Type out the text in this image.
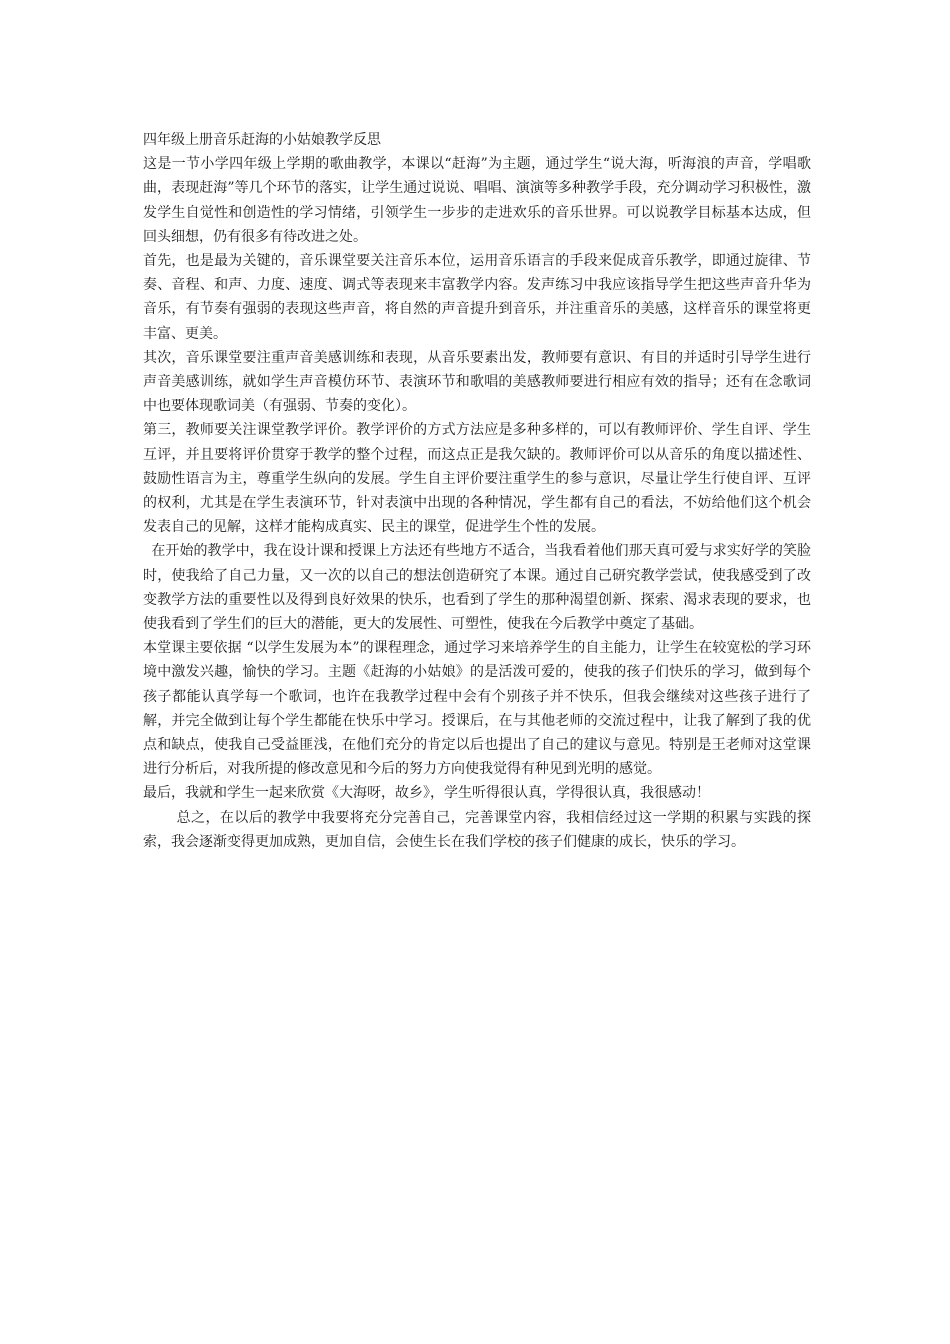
四年级上册音乐赶海的小姑娘教学反思

这是一节小学四年级上学期的歌曲教学，本课以“赶海”为主题，通过学生“说大海，听海浪的声音，学唱歌曲，表现赶海”等几个环节的落实，让学生通过说说、唱唱、演演等多种教学手段，充分调动学习积极性，激发学生自觉性和创造性的学习情绪，引领学生一步步的走进欢乐的音乐世界。可以说教学目标基本达成，但回头细想，仍有很多有待改进之处。

首先，也是最为关键的，音乐课堂要关注音乐本位，运用音乐语言的手段来促成音乐教学，即通过旋律、节奏、音程、和声、力度、速度、调式等表现来丰富教学内容。发声练习中我应该指导学生把这些声音升华为音乐，有节奏有强弱的表现这些声音，将自然的声音提升到音乐，并注重音乐的美感，这样音乐的课堂将更丰富、更美。

其次，音乐课堂要注重声音美感训练和表现，从音乐要素出发，教师要有意识、有目的并适时引导学生进行声音美感训练，就如学生声音模仿环节、表演环节和歌唱的美感教师要进行相应有效的指导；还有在念歌词中也要体现歌词美（有强弱、节奏的变化）。

第三，教师要关注课堂教学评价。教学评价的方式方法应是多种多样的，可以有教师评价、学生自评、学生互评，并且要将评价贯穿于教学的整个过程，而这点正是我欠缺的。教师评价可以从音乐的角度以描述性、鼓励性语言为主，尊重学生纵向的发展。学生自主评价要注重学生的参与意识，尽量让学生行使自评、互评的权利，尤其是在学生表演环节，针对表演中出现的各种情况，学生都有自己的看法，不妨给他们这个机会发表自己的见解，这样才能构成真实、民主的课堂，促进学生个性的发展。

在开始的教学中，我在设计课和授课上方法还有些地方不适合，当我看着他们那天真可爱与求实好学的笑脸时，使我给了自己力量，又一次的以自己的想法创造研究了本课。通过自己研究教学尝试，使我感受到了改变教学方法的重要性以及得到良好效果的快乐，也看到了学生的那种渴望创新、探索、渴求表现的要求，也使我看到了学生们的巨大的潜能，更大的发展性、可塑性，使我在今后教学中奠定了基础。

本堂课主要依据 “以学生发展为本”的课程理念，通过学习来培养学生的自主能力，让学生在较宽松的学习环境中激发兴趣，愉快的学习。主题《赶海的小姑娘》的是活泼可爱的，使我的孩子们快乐的学习，做到每个孩子都能认真学每一个歌词，也许在我教学过程中会有个别孩子并不快乐，但我会继续对这些孩子进行了解，并完全做到让每个学生都能在快乐中学习。授课后，在与其他老师的交流过程中，让我了解到了我的优点和缺点，使我自己受益匪浅，在他们充分的肯定以后也提出了自己的建议与意见。特别是王老师对这堂课进行分析后，对我所提的修改意见和今后的努力方向使我觉得有种见到光明的感觉。

最后，我就和学生一起来欣赏《大海呀，故乡》，学生听得很认真，学得很认真，我很感动！

总之，在以后的教学中我要将充分完善自己，完善课堂内容，我相信经过这一学期的积累与实践的探索，我会逐渐变得更加成熟，更加自信，会使生长在我们学校的孩子们健康的成长，快乐的学习。
